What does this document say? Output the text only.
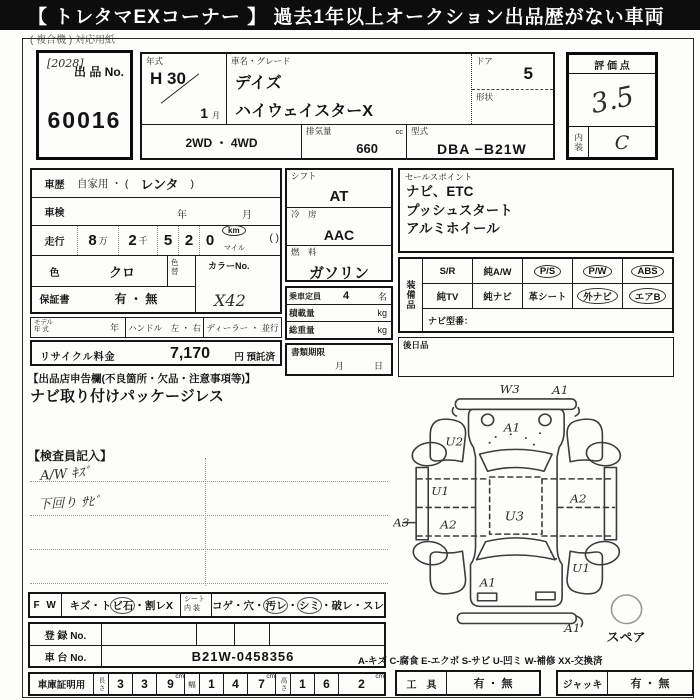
【 トレタマEXコーナー 】 過去1年以上オークション出品歴がない車両
( 複合機 ) 対応用紙
[2028]
出 品 No.
60016
年式
H 30
1 月
車名・グレード
デイズ
ハイウェイスターX
ドア
5
形状
2WD ・ 4WD
排気量
660
cc 型式
DBA −B21W
評 価 点
3.5
内装 C
車歴	自家用 ・ ( レンタ )
車検	年	月
走行	8 万 2 千	5 2 0
km
マイル
( )
色	クロ
色
替
保証書	有 ・ 無
カラーNo.
X42
モデル
年 式	年 ハンドル　左 ・ 右 ディーラー ・ 並行
リサイクル料金	7,170	円 預託済
【出品店申告欄(不良箇所・欠品・注意事項等)】
ナビ取り付けパッケージレス
シフト
AT
冷　房
AAC
燃　料
ガソリン
乗車定員	4	名
積載量	kg
総重量	kg
書類期限
月	日
セールスポイント
ナビ、ETC
プッシュスタート
アルミホイール
装備品
S/R	純A/W	P/S	P/W	ABS
純TV	純ナビ 革シート	外ナビ	エアB
ナビ型番：
後日品
【検査員記入】
A/W ｷｽﾞ
下回り ｻﾋﾞ
W3	A1
A1
U2
U1
A2
A3	U3
A2
U1
A1
A1
スペア
F W	キズ・ト ビ石 ・割レX シート
内 装	コゲ・穴・ 汚レ ・ シミ ・破レ・スレ
登 録 No.
車 台 No.	B21W-0458356
車庫証明用	長さ	3	3	9
cm
幅	1	4	7
cm 高さ	1	6	2
cm
A-キズ C-腐食 E-エクボ S-サビ U-凹ミ W-補修 XX-交換済
工　具	有 ・ 無	ジャッキ	有 ・ 無
